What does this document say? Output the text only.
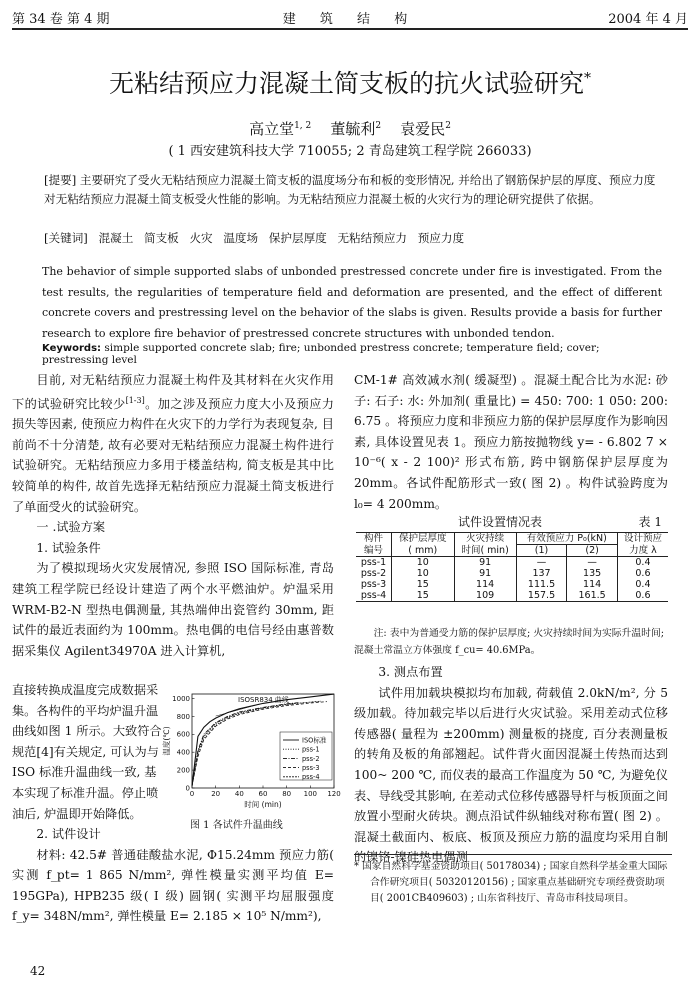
第 34 卷 第 4 期	建 筑 结 构	2004 年 4 月
无粘结预应力混凝土简支板的抗火试验研究*
高立堂$^{1, 2}$ 董毓利$^2$ 袁爱民$^2$
( 1 西安建筑科技大学 710055; 2 青岛建筑工程学院 266033)
[提要] 主要研究了受火无粘结预应力混凝土简支板的温度场分布和板的变形情况, 并给出了钢筋保护层的厚度、预应力度对无粘结预应力混凝土简支板受火性能的影响。为无粘结预应力混凝土板的火灾行为的理论研究提供了依据。
[关键词] 混凝土 简支板 火灾 温度场 保护层厚度 无粘结预应力 预应力度
The behavior of simple supported slabs of unbonded prestressed concrete under fire is investigated. From the test results, the regularities of temperature field and deformation are presented, and the effect of different concrete covers and prestressing level on the behavior of the slabs is given. Results provide a basis for further research to explore fire behavior of prestressed concrete structures with unbonded tendon.
Keywords: simple supported concrete slab; fire; unbonded prestress concrete; temperature field; cover; prestressing level

目前, 对无粘结预应力混凝土构件及其材料在火灾作用下的试验研究比较少[1-3]。加之涉及预应力度大小及预应力损失等因素, 使预应力构件在火灾下的力学行为表现复杂, 目前尚不十分清楚, 故有必要对无粘结预应力混凝土构件进行试验研究。无粘结预应力多用于楼盖结构, 简支板是其中比较简单的构件, 故首先选择无粘结预应力混凝土简支板进行了单面受火的试验研究。

一 .试验方案

1. 试验条件

为了模拟现场火灾发展情况, 参照 ISO 国际标准, 青岛建筑工程学院已经设计建造了两个水平燃油炉。炉温采用 WRM-B2-N 型热电偶测量, 其热端伸出瓷管约 30mm, 距试件的最近表面约为 100mm。热电偶的电信号经由惠普数据采集仪 Agilent34970A 进入计算机,

直接转换成温度完成数据采集。各构件的平均炉温升温曲线如图 1 所示。大致符合规范[4]有关规定, 可认为与 ISO 标准升温曲线一致, 基本实现了标准升温。停止喷油后, 炉温即开始降低。

0 20 40 60 80 100 120
0
200
400
600
800
1000
时间 (min)
温度(℃)
ISOSR834 曲线
ISO标准
pss-1
pss-2
pss-3
pss-4
图 1 各试件升温曲线

2. 试件设计

材料: 42.5# 普通硅酸盐水泥, Φ15.24mm 预应力筋( 实测 f_pt= 1 865 N/mm², 弹性模量实测平均值 E= 195GPa), HPB235 级( Ⅰ 级) 圆钢( 实测平均屈服强度 f_y= 348N/mm², 弹性模量 E= 2.185 × 10⁵ N/mm²),

CM-1# 高效减水剂( 缓凝型) 。混凝土配合比为水泥: 砂子: 石子: 水: 外加剂( 重量比) = 450: 700: 1 050: 200: 6.75 。将预应力度和非预应力筋的保护层厚度作为影响因素, 具体设置见表 1。预应力筋按抛物线 y= - 6.802 7 × 10⁻⁶( x - 2 100)² 形式布筋, 跨中钢筋保护层厚度为 20mm。各试件配筋形式一致( 图 2) 。构件试验跨度为 l₀= 4 200mm。

试件设置情况表	表 1
构件	保护层厚度	火灾持续	有效预应力 P₀(kN)		设计预应
编号	( mm)	时间( min)	(1)	(2)	力度 λ
pss-1	10	91	—	—	0.4
pss-2	10	91	137	135	0.6
pss-3	15	114	111.5	114	0.4
pss-4	15	109	157.5	161.5	0.6
注: 表中为普通受力筋的保护层厚度; 火灾持续时间为实际升温时间; 混凝土常温立方体强度 f_cu= 40.6MPa。

3. 测点布置

试件用加载块模拟均布加载, 荷载值 2.0kN/m², 分 5 级加载。待加载完毕以后进行火灾试验。采用差动式位移传感器( 量程为 ±200mm) 测量板的挠度, 百分表测量板的转角及板的角部翘起。试件背火面因混凝土传热而达到 100~ 200 ℃, 而仪表的最高工作温度为 50 ℃, 为避免仪表、导线受其影响, 在差动式位移传感器导杆与板顶面之间放置小型耐火砖块。测点沿试件纵轴线对称布置( 图 2) 。混凝土截面内、板底、板顶及预应力筋的温度均采用自制的镍铬-镍硅热电偶测

* 国家自然科学基金资助项目( 50178034) ; 国家自然科学基金重大国际合作研究项目( 50320120156) ; 国家重点基础研究专项经费资助项目( 2001CB409603) ; 山东省科技厅、青岛市科技局项目。
42
